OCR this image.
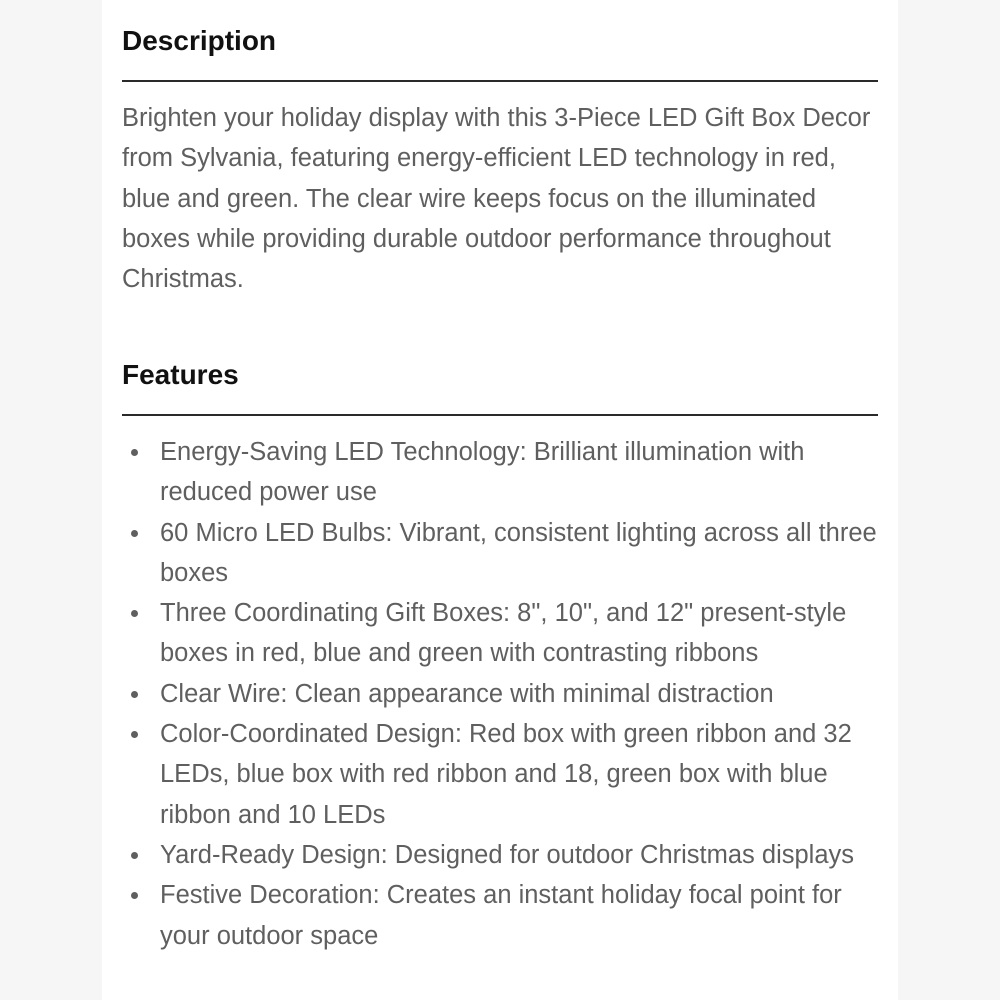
Description

Brighten your holiday display with this 3-Piece LED Gift Box Decor from Sylvania, featuring energy-efficient LED technology in red, blue and green. The clear wire keeps focus on the illuminated boxes while providing durable outdoor performance throughout Christmas.

Features
Energy-Saving LED Technology: Brilliant illumination with reduced power use
60 Micro LED Bulbs: Vibrant, consistent lighting across all three boxes
Three Coordinating Gift Boxes: 8", 10", and 12" present-style boxes in red, blue and green with contrasting ribbons
Clear Wire: Clean appearance with minimal distraction
Color-Coordinated Design: Red box with green ribbon and 32 LEDs, blue box with red ribbon and 18, green box with blue ribbon and 10 LEDs
Yard-Ready Design: Designed for outdoor Christmas displays
Festive Decoration: Creates an instant holiday focal point for your outdoor space
